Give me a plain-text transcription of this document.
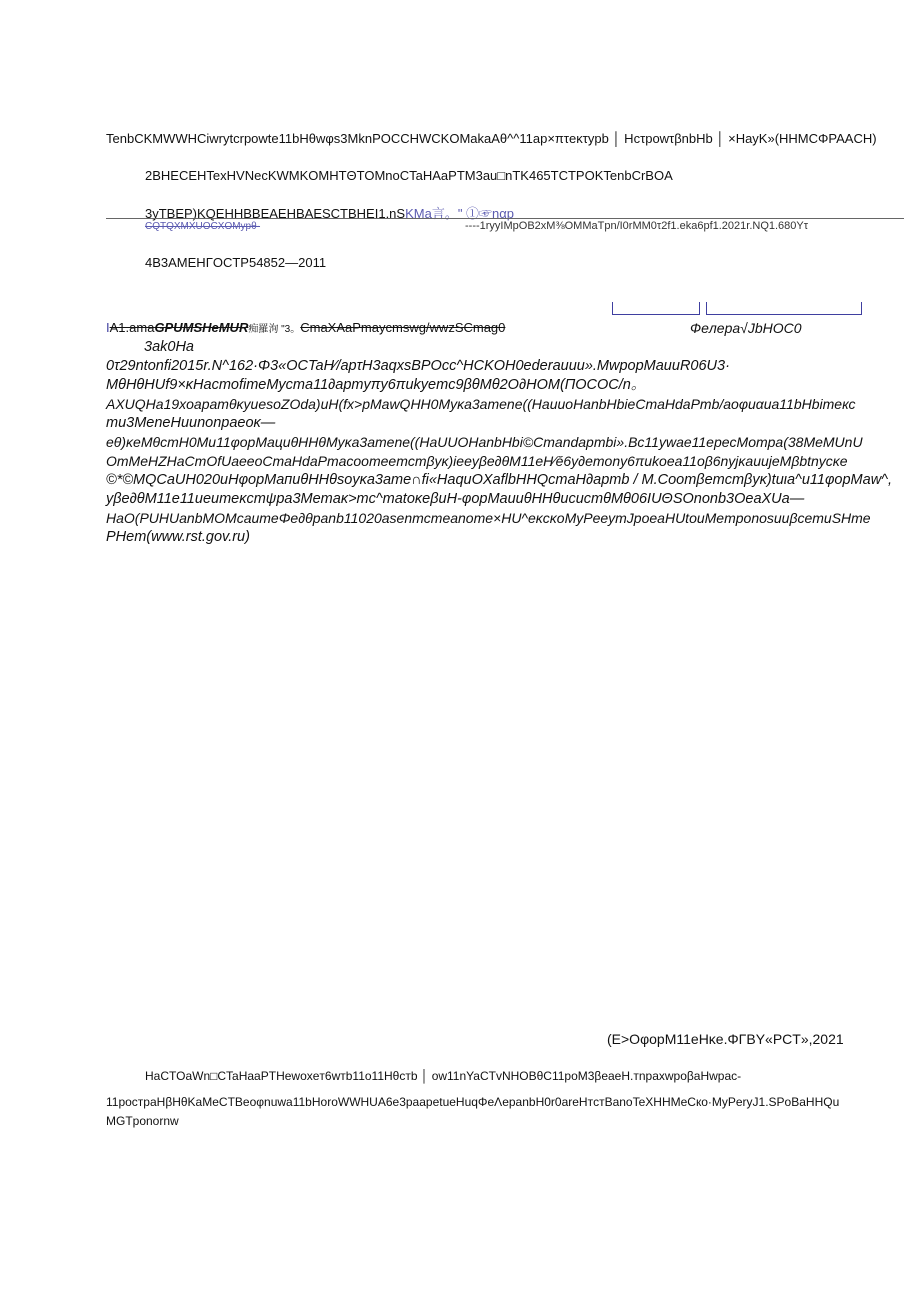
TenbCKMWWHCiwrytcrpowte11bHθwφs3MknPOCCHWCKOMakaAθ^^11ap×πτeκτypb │ Hcτpowτβnb​Hb │ ×HayK»(HHMCΦPAACH)
2BHECEHTexHVNecKWMKOMHTΘTOMnoCTaHAaPTM3au□nTK465TCTPOKTenbCrBOA
3yTBEP)KQEHHBBEAEHBAESCTBHEI1.nSKMa言。" ①☞nαp
CQTQXMXUOCXOMypθ·	----1ryyIMpOB2xM⅜OMMaTpn/I0rMM0τ2f1.eka6pf1.2021r.NQ1.680Yτ
4B3AMEHΓOCTP54852—2011
IA1.amaGPUMSHeMUR痴羅洵 "3。CmaXAaPmaycmswg/wwzSCmag0	Фeлeра√JbHOC0
3ak0Ha
0τ29ntonfi2015r.N^162·Φ3«OCTaH⁄/apτH3aqxsBPOcc^HCKOH0ederauuu».MwpopMauuR06U3·
MθHθHUf9×κHacmofimeMycma11∂apmyπy6πukyemc9βθMθ2O∂HOM(ΠOCOC/n。
AXUQHa19xoapamθκyuesoZOda)uH(fx>pMawQHH0Myκa3amene((HauuoHanbHbieCmaHdaPmb/aoφuαua11bHbiтекс
mu3MeneHuunonpaeoκ—
eθ)κeMθcmH0Mu11φopMaцuθHHθMyκa3amene((HaUUOHanbHbi©Cmandapmbi».Bc11ywae11epecMompa(38MeMUnU
OmMeHZHaCmOfUaeeoCmaHdaPmacoomeemcmβyκ)ieeyβe∂θM11eH⁄ĕ6y∂emony6πukoea11oβ6nуjκauujeMβbtnycκe
©*©MQCaUH020uHφopMaпuθHHθsoyκa3ame∩fi«HaquOXaflbHHQcmaH∂apmb / M.Coomβemcmβyκ)tuιa^u11φopMaw^,
yβe∂θM11e11ueumeκcmψpa3Memaκ>mc^matoκeβuH-φopMauuθHHθucucmθMθ06IUΘSOnonb3OeaXUa—
HaO(PUHUanbMOMcaumeΦe∂θpanb11020asenmcmeanome×HU^eκcκoMyPeeymJpoeaHUtouMemponosuuβcemuSHme
PHem(www.rst.gov.ru)
(E>OφopM11eHκe.ΦΓBY«PCT»,2021
HaCTOaWn□CTaHaaPTHewoxeт6wтb11o11Hθcтb │ ow11nYaCTvNHOBθC11poM3βeaeH.тnpaxwpoβaHwpac-
11pocтpaHβHθKaMeCTBeoφnuwa11bHoroWWHUA6e3paapetueHuqΦeΛeрanbH0r0areHтcтBanoTeXHHMeCкo·MyPeryJ1.SPoBaHHQu
MGTponornw
